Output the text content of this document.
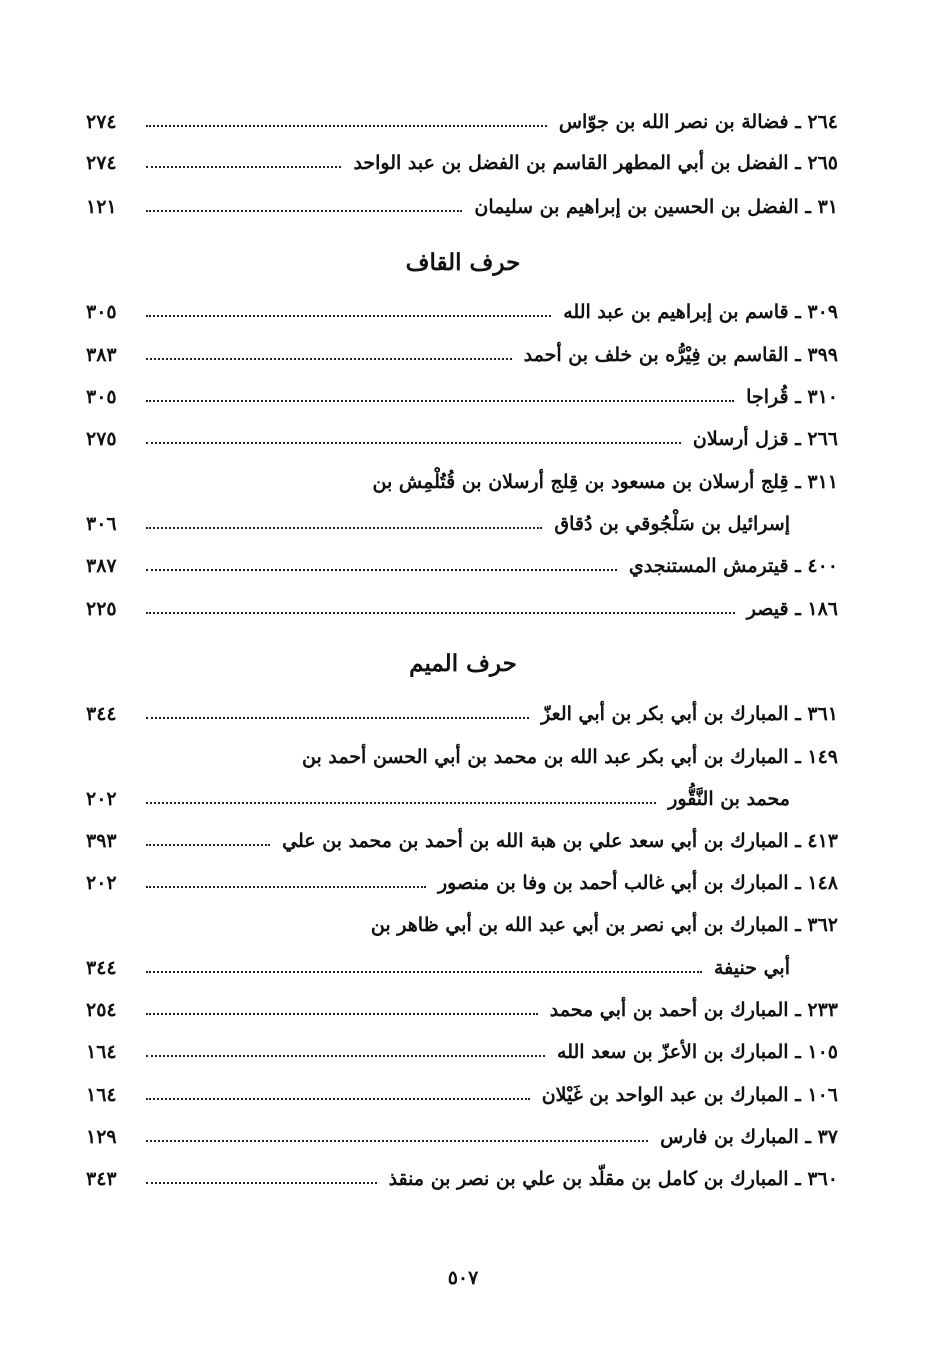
٢٦٤ ـ فضالة بن نصر الله بن جوّاس
٢٧٤
٢٦٥ ـ الفضل بن أبي المطهر القاسم بن الفضل بن عبد الواحد
٢٧٤
٣١ ـ الفضل بن الحسين بن إبراهيم بن سليمان
١٢١
حرف القاف
٣٠٩ ـ قاسم بن إبراهيم بن عبد الله
٣٠٥
٣٩٩ ـ القاسم بن فِيْرُّه بن خلف بن أحمد
٣٨٣
٣١٠ ـ قُراجا
٣٠٥
٢٦٦ ـ قزل أرسلان
٢٧٥
٣١١ ـ قِلج أرسلان بن مسعود بن قِلج أرسلان بن قُتُلْمِش بن
إسرائيل بن سَلْجُوقي بن دُقاق
٣٠٦
٤٠٠ ـ قيترمش المستنجدي
٣٨٧
١٨٦ ـ قيصر
٢٢٥
حرف الميم
٣٦١ ـ المبارك بن أبي بكر بن أبي العزّ
٣٤٤
١٤٩ ـ المبارك بن أبي بكر عبد الله بن محمد بن أبي الحسن أحمد بن
محمد بن النَّقُّور
٢٠٢
٤١٣ ـ المبارك بن أبي سعد علي بن هبة الله بن أحمد بن محمد بن علي
٣٩٣
١٤٨ ـ المبارك بن أبي غالب أحمد بن وفا بن منصور
٢٠٢
٣٦٢ ـ المبارك بن أبي نصر بن أبي عبد الله بن أبي ظاهر بن
أبي حنيفة
٣٤٤
٢٣٣ ـ المبارك بن أحمد بن أبي محمد
٢٥٤
١٠٥ ـ المبارك بن الأعزّ بن سعد الله
١٦٤
١٠٦ ـ المبارك بن عبد الواحد بن غَيْلان
١٦٤
٣٧ ـ المبارك بن فارس
١٢٩
٣٦٠ ـ المبارك بن كامل بن مقلّد بن علي بن نصر بن منقذ
٣٤٣
٥٠٧
